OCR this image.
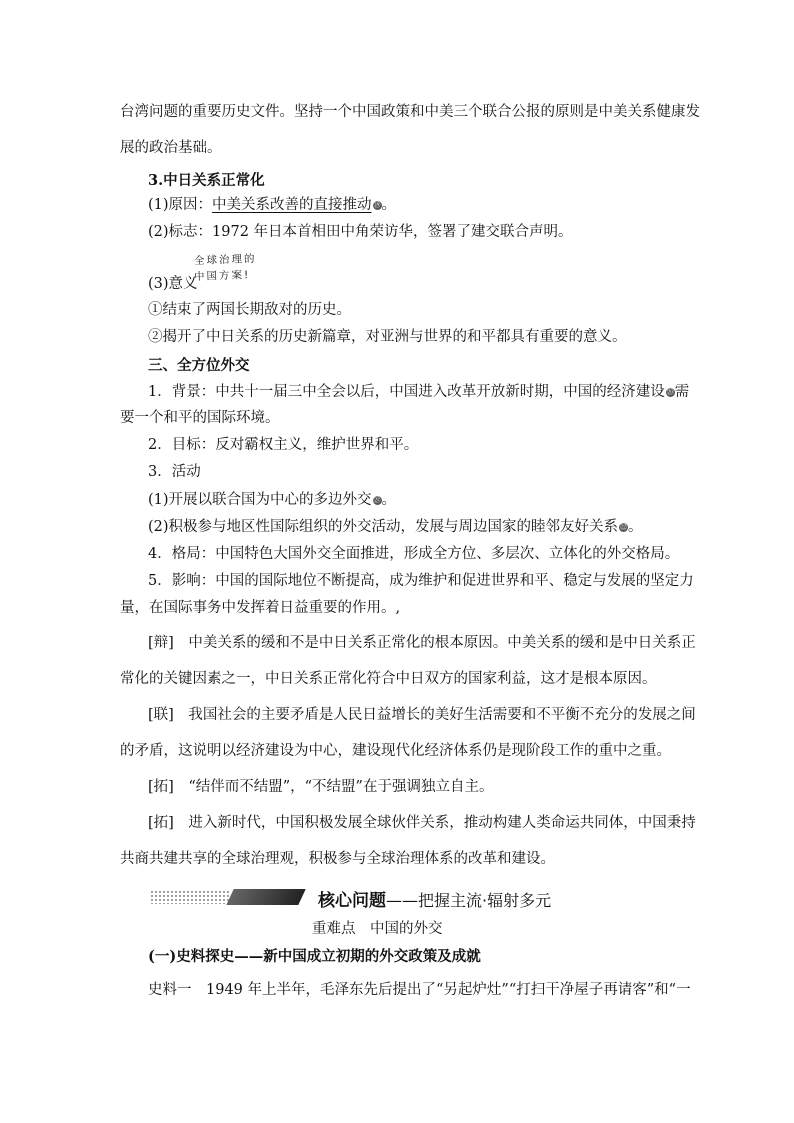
台湾问题的重要历史文件。坚持一个中国政策和中美三个联合公报的原则是中美关系健康发
展的政治基础。
3.中日关系正常化
(1)原因：中美关系改善的直接推动 ⑲。
(2)标志：1972 年日本首相田中角荣访华，签署了建交联合声明。
全球治理的
中国方案!
(3)意义
①结束了两国长期敌对的历史。
②揭开了中日关系的历史新篇章，对亚洲与世界的和平都具有重要的意义。
三、全方位外交
1．背景：中共十一届三中全会以后，中国进入改革开放新时期，中国的经济建设 ⑳需
要一个和平的国际环境。
2．目标：反对霸权主义，维护世界和平。
3．活动
(1)开展以联合国为中心的多边外交 ㉑。
(2)积极参与地区性国际组织的外交活动，发展与周边国家的睦邻友好关系 ㉒。
4．格局：中国特色大国外交全面推进，形成全方位、多层次、立体化的外交格局。
5．影响：中国的国际地位不断提高，成为维护和促进世界和平、稳定与发展的坚定力
量，在国际事务中发挥着日益重要的作用。,
[辩]　中美关系的缓和不是中日关系正常化的根本原因。中美关系的缓和是中日关系正
常化的关键因素之一，中日关系正常化符合中日双方的国家利益，这才是根本原因。
[联]　我国社会的主要矛盾是人民日益增长的美好生活需要和不平衡不充分的发展之间
的矛盾，这说明以经济建设为中心，建设现代化经济体系仍是现阶段工作的重中之重。
[拓]　“结伴而不结盟”，“不结盟”在于强调独立自主。
[拓]　进入新时代，中国积极发展全球伙伴关系，推动构建人类命运共同体，中国秉持
共商共建共享的全球治理观，积极参与全球治理体系的改革和建设。
核心问题——把握主流·辐射多元
重难点　中国的外交
(一)史料探史——新中国成立初期的外交政策及成就
史料一　1949 年上半年，毛泽东先后提出了“另起炉灶”“打扫干净屋子再请客”和“一
